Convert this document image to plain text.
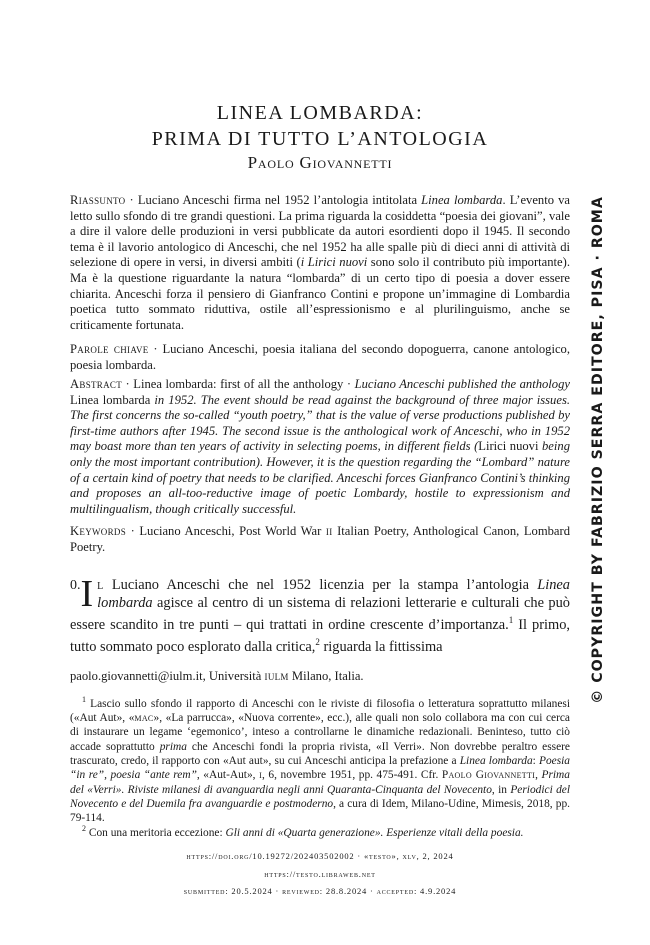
LINEA LOMBARDA:
PRIMA DI TUTTO L’ANTOLOGIA
Paolo Giovannetti
Riassunto · Luciano Anceschi firma nel 1952 l’antologia intitolata Linea lombarda. L’evento va letto sullo sfondo di tre grandi questioni. La prima riguarda la cosiddetta “poesia dei giovani”, vale a dire il valore delle produzioni in versi pubblicate da autori esordienti dopo il 1945. Il secondo tema è il lavorio antologico di Anceschi, che nel 1952 ha alle spalle più di dieci anni di attività di selezione di opere in versi, in diversi ambiti (i Lirici nuovi sono solo il contributo più importante). Ma è la questione riguardante la natura “lombarda” di un certo tipo di poesia a dover essere chiarita. Anceschi forza il pensiero di Gianfranco Contini e propone un’immagine di Lombardia poetica tutto sommato riduttiva, ostile all’espressionismo e al plurilinguismo, anche se criticamente fortunata.
Parole chiave · Luciano Anceschi, poesia italiana del secondo dopoguerra, canone antologico, poesia lombarda.
Abstract · Linea lombarda: first of all the anthology · Luciano Anceschi published the anthology Linea lombarda in 1952. The event should be read against the background of three major issues. The first concerns the so-called “youth poetry,” that is the value of verse productions published by first-time authors after 1945. The second issue is the anthological work of Anceschi, who in 1952 may boast more than ten years of activity in selecting poems, in different fields (Lirici nuovi being only the most important contribution). However, it is the question regarding the “Lombard” nature of a certain kind of poetry that needs to be clarified. Anceschi forces Gianfranco Contini’s thinking and proposes an all-too-reductive image of poetic Lombardy, hostile to expressionism and multilingualism, though critically successful.
Keywords · Luciano Anceschi, Post World War ii Italian Poetry, Anthological Canon, Lombard Poetry.
0. I l Luciano Anceschi che nel 1952 licenzia per la stampa l’antologia Linea lombarda agisce al centro di un sistema di relazioni letterarie e culturali che può essere scandito in tre punti – qui trattati in ordine crescente d’importanza.$^1$ Il primo, tutto sommato poco esplorato dalla critica,$^2$ riguarda la fittissima
paolo.giovannetti@iulm.it, Università iulm Milano, Italia.
$^1$ Lascio sullo sfondo il rapporto di Anceschi con le riviste di filosofia o letteratura soprattutto milanesi («Aut Aut», «mac», «La parrucca», «Nuova corrente», ecc.), alle quali non solo collabora ma con cui cerca di instaurare un legame ‘egemonico’, inteso a controllarne le dinamiche redazionali. Beninteso, tutto ciò accade soprattutto prima che Anceschi fondi la propria rivista, «Il Verri». Non dovrebbe peraltro essere trascurato, credo, il rapporto con «Aut aut», su cui Anceschi anticipa la prefazione a Linea lombarda: Poesia “in re”, poesia “ante rem”, «Aut-Aut», i, 6, novembre 1951, pp. 475-491. Cfr. Paolo Giovannetti, Prima del «Verri». Riviste milanesi di avanguardia negli anni Quaranta-Cinquanta del Novecento, in Periodici del Novecento e del Duemila fra avanguardie e postmoderno, a cura di Idem, Milano-Udine, Mimesis, 2018, pp. 79-114.
$^2$ Con una meritoria eccezione: Gli anni di «Quarta generazione». Esperienze vitali della poesia.
https://doi.org/10.19272/202403502002 · «testo», xlv, 2, 2024
https://testo.libraweb.net
submitted: 20.5.2024 · reviewed: 28.8.2024 · accepted: 4.9.2024
© COPYRIGHT BY FABRIZIO SERRA EDITORE, PISA · ROMA
